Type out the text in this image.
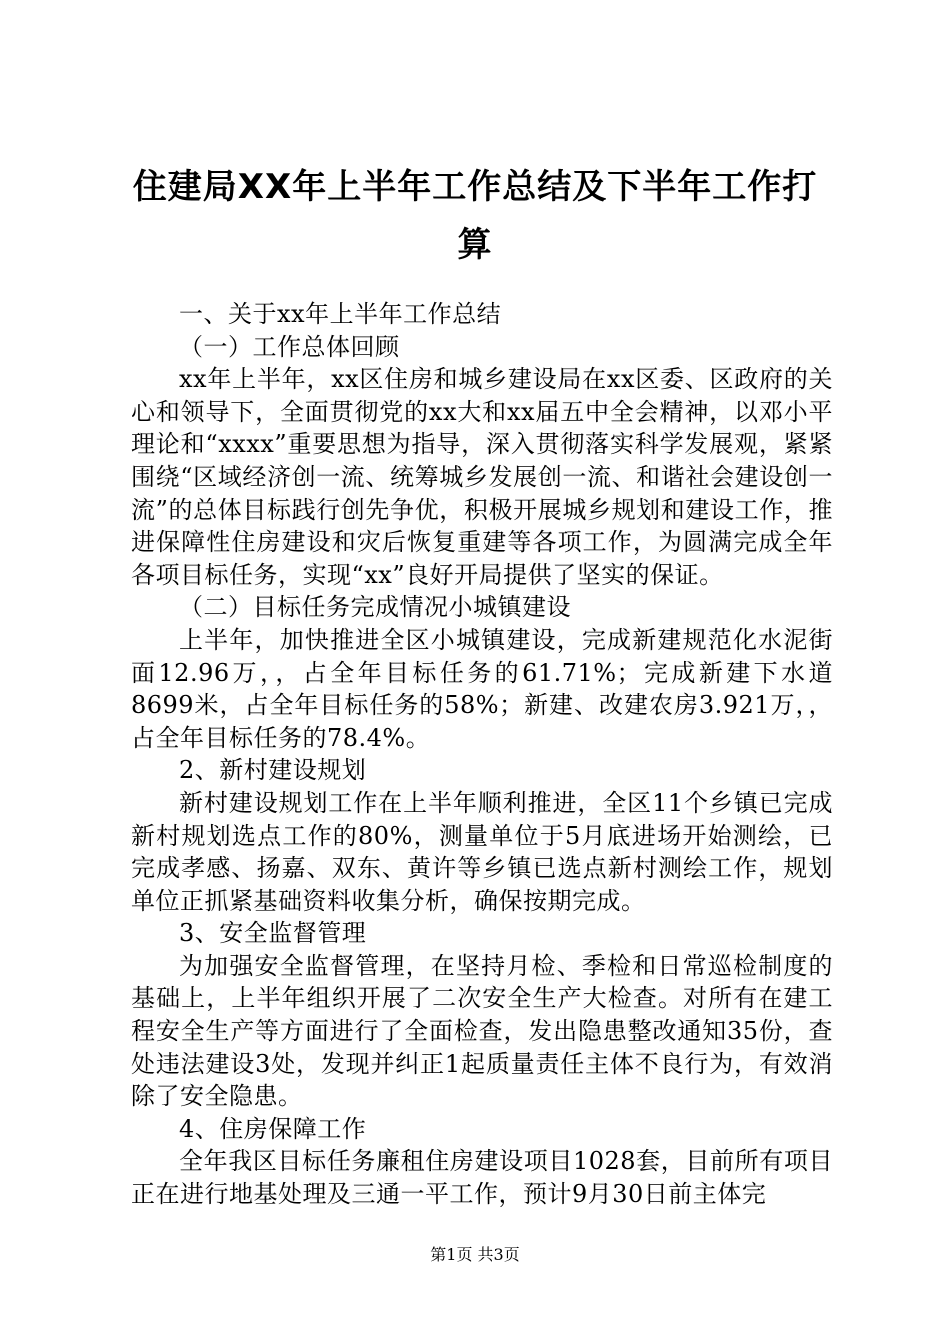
住建局XX年上半年工作总结及下半年工作打算

一、关于xx年上半年工作总结

（一）工作总体回顾

xx年上半年，xx区住房和城乡建设局在xx区委、区政府的关心和领导下，全面贯彻党的xx大和xx届五中全会精神，以邓小平理论和“xxxx”重要思想为指导，深入贯彻落实科学发展观，紧紧围绕“区域经济创一流、统筹城乡发展创一流、和谐社会建设创一流”的总体目标践行创先争优，积极开展城乡规划和建设工作，推进保障性住房建设和灾后恢复重建等各项工作，为圆满完成全年各项目标任务，实现“xx”良好开局提供了坚实的保证。

（二）目标任务完成情况小城镇建设

上半年，加快推进全区小城镇建设，完成新建规范化水泥街面12.96万，，占全年目标任务的61.71%；完成新建下水道8699米，占全年目标任务的58%；新建、改建农房3.921万，，占全年目标任务的78.4%。

2、新村建设规划

新村建设规划工作在上半年顺利推进，全区11个乡镇已完成新村规划选点工作的80%，测量单位于5月底进场开始测绘，已完成孝感、扬嘉、双东、黄许等乡镇已选点新村测绘工作，规划单位正抓紧基础资料收集分析，确保按期完成。

3、安全监督管理

为加强安全监督管理，在坚持月检、季检和日常巡检制度的基础上，上半年组织开展了二次安全生产大检查。对所有在建工程安全生产等方面进行了全面检查，发出隐患整改通知35份，查处违法建设3处，发现并纠正1起质量责任主体不良行为，有效消除了安全隐患。

4、住房保障工作

全年我区目标任务廉租住房建设项目1028套，目前所有项目正在进行地基处理及三通一平工作，预计9月30日前主体完

第1页 共3页
